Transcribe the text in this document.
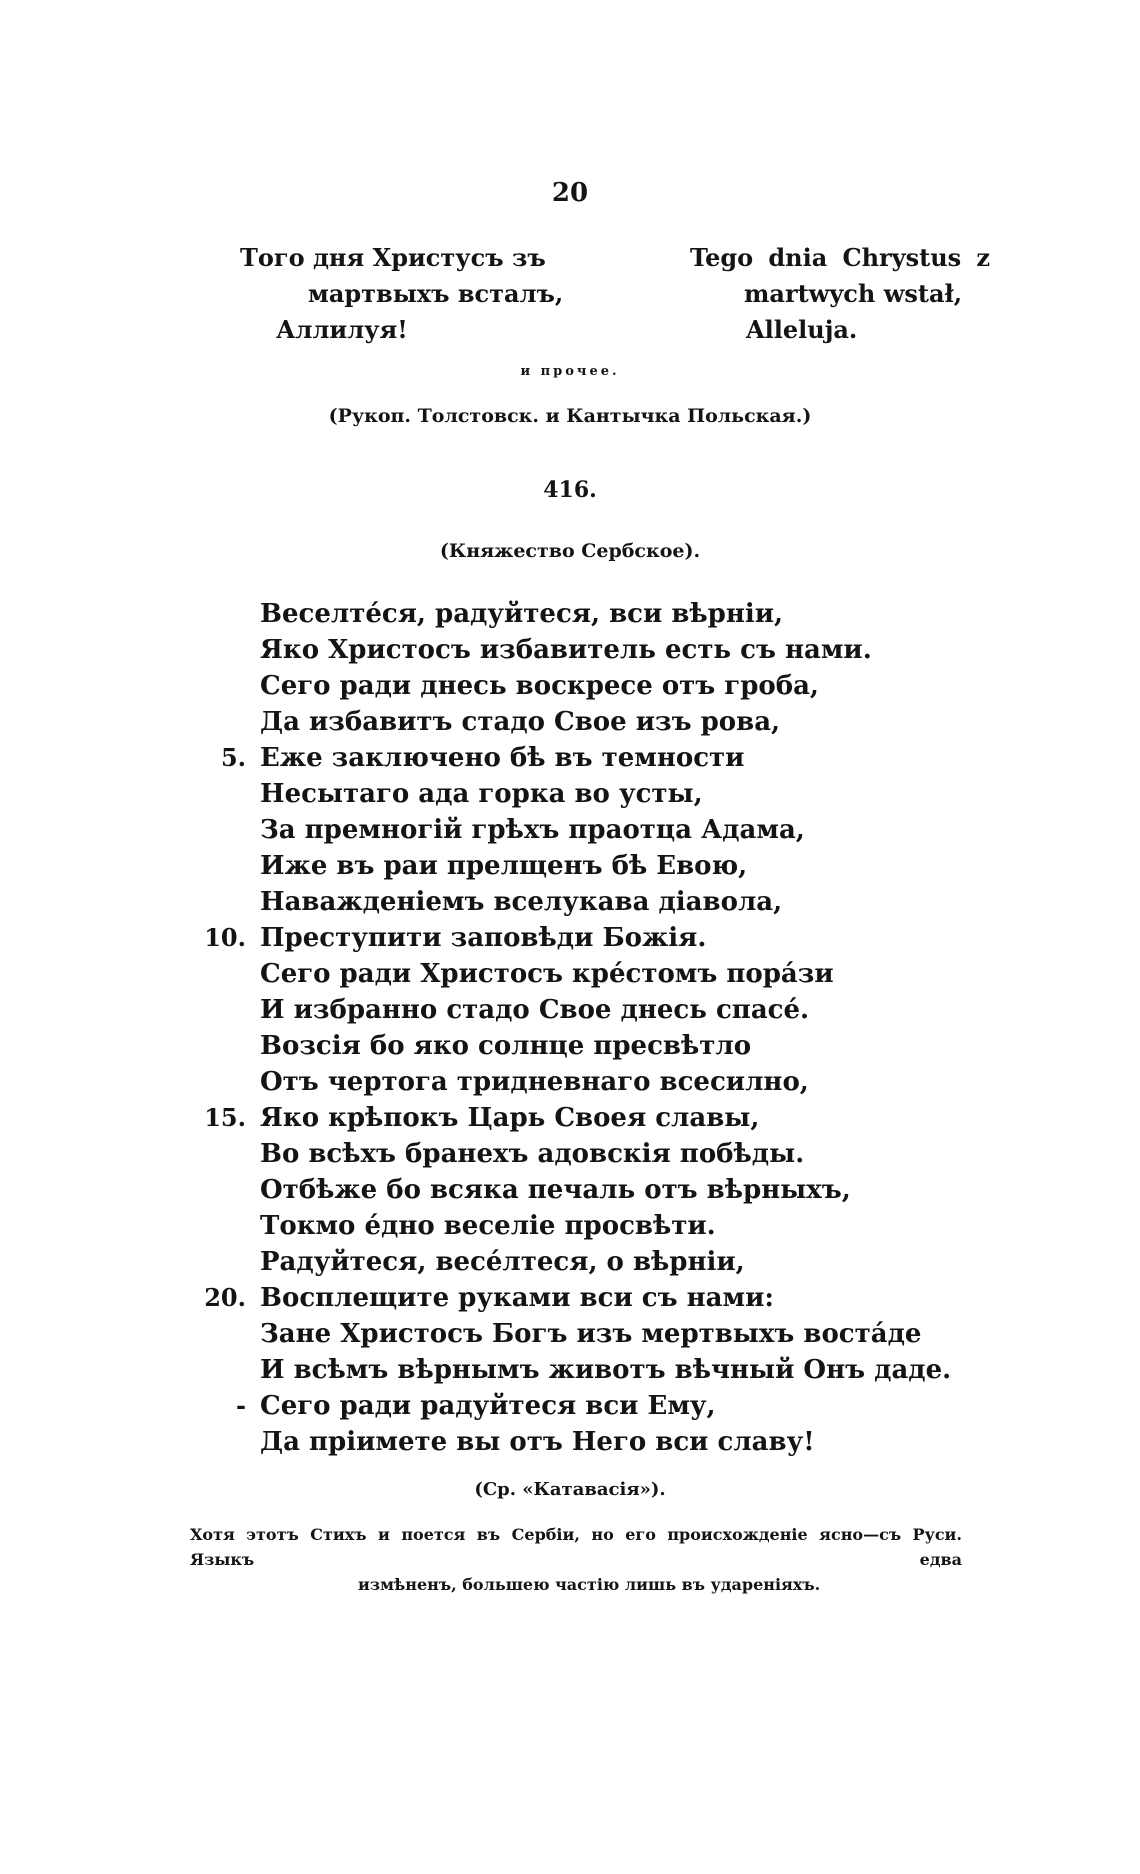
20
Того дня Христусъ зъ
мартвыхъ всталъ,
Аллилуя!
Tego dnia Chrystus z
martwych wstał,
Alleluja.
и прочее.
(Рукоп. Толстовск. и Кантычка Польская.)
416.
(Княжество Сербское).
Веселте́ся, радуйтеся, вси вѣрніи,
Яко Христосъ избавитель есть съ нами.
Сего ради днесь воскресе отъ гроба,
Да избавитъ стадо Свое изъ рова,
5. Еже заключено бѣ въ темности
Несытаго ада горка во усты,
За премногій грѣхъ праотца Адама,
Иже въ раи прелщенъ бѣ Евою,
Наважденіемъ вселукава діавола,
10. Преступити заповѣди Божія.
Сего ради Христосъ кре́стомъ пора́зи
И избранно стадо Свое днесь спасе́.
Возсія бо яко солнце пресвѣтло
Отъ чертога тридневнаго всесилно,
15. Яко крѣпокъ Царь Своея славы,
Во всѣхъ бранехъ адовскія побѣды.
Отбѣже бо всяка печаль отъ вѣрныхъ,
Токмо е́дно веселіе просвѣти.
Радуйтеся, весе́лтеся, о вѣрніи,
20. Восплещите руками вси съ нами:
Зане Христосъ Богъ изъ мертвыхъ воста́де
И всѣмъ вѣрнымъ животъ вѣчный Онъ даде.
- Сего ради радуйтеся вси Ему,
Да пріимете вы отъ Него вси славу!
(Ср. «Катавасія»).
Хотя этотъ Стихъ и поется въ Сербіи, но его происхожденіе ясно—съ Руси. Языкъ едва
измѣненъ, большею частію лишь въ удареніяхъ.
